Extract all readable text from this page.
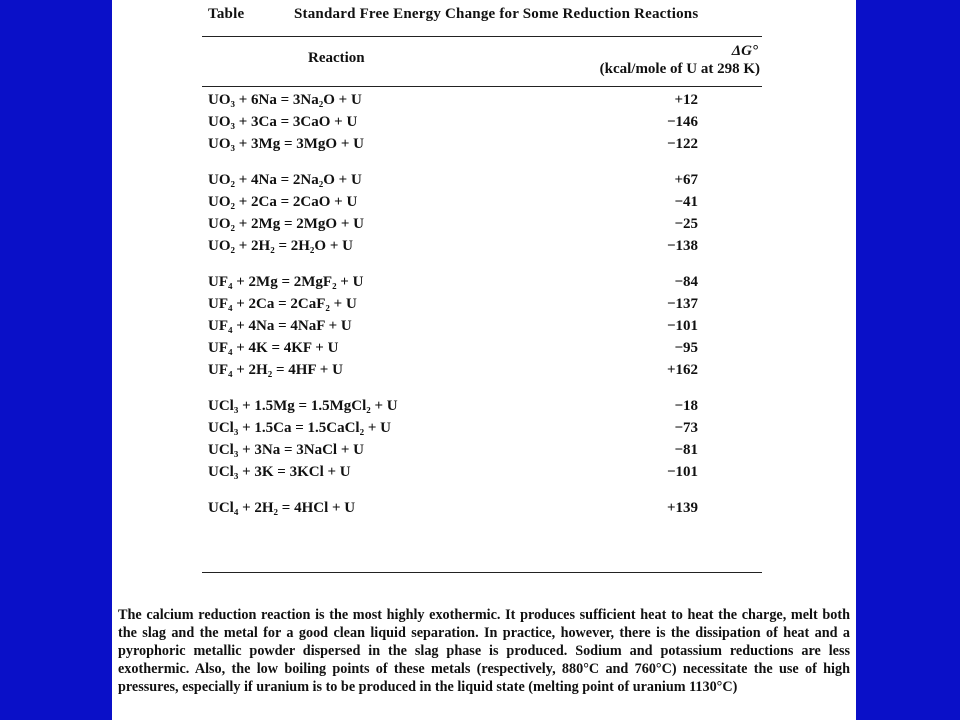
Table	Standard Free Energy Change for Some Reduction Reactions
Reaction	ΔG°
(kcal/mole of U at 298 K)
UO₃ + 6Na = 3Na₂O + U	+12
UO₃ + 3Ca = 3CaO + U	−146
UO₃ + 3Mg = 3MgO + U	−122
UO₂ + 4Na = 2Na₂O + U	+67
UO₂ + 2Ca = 2CaO + U	−41
UO₂ + 2Mg = 2MgO + U	−25
UO₂ + 2H₂ = 2H₂O + U	−138
UF₄ + 2Mg = 2MgF₂ + U	−84
UF₄ + 2Ca = 2CaF₂ + U	−137
UF₄ + 4Na = 4NaF + U	−101
UF₄ + 4K = 4KF + U	−95
UF₄ + 2H₂ = 4HF + U	+162
UCl₃ + 1.5Mg = 1.5MgCl₂ + U	−18
UCl₃ + 1.5Ca = 1.5CaCl₂ + U	−73
UCl₃ + 3Na = 3NaCl + U	−81
UCl₃ + 3K = 3KCl + U	−101
UCl₄ + 2H₂ = 4HCl + U	+139
The calcium reduction reaction is the most highly exothermic. It produces sufficient heat to heat the charge, melt both the slag and the metal for a good clean liquid separation. In practice, however, there is the dissipation of heat and a pyrophoric metallic powder dispersed in the slag phase is produced. Sodium and potassium reductions are less exothermic. Also, the low boiling points of these metals (respectively, 880°C and 760°C) necessitate the use of high pressures, especially if uranium is to be produced in the liquid state (melting point of uranium 1130°C)
